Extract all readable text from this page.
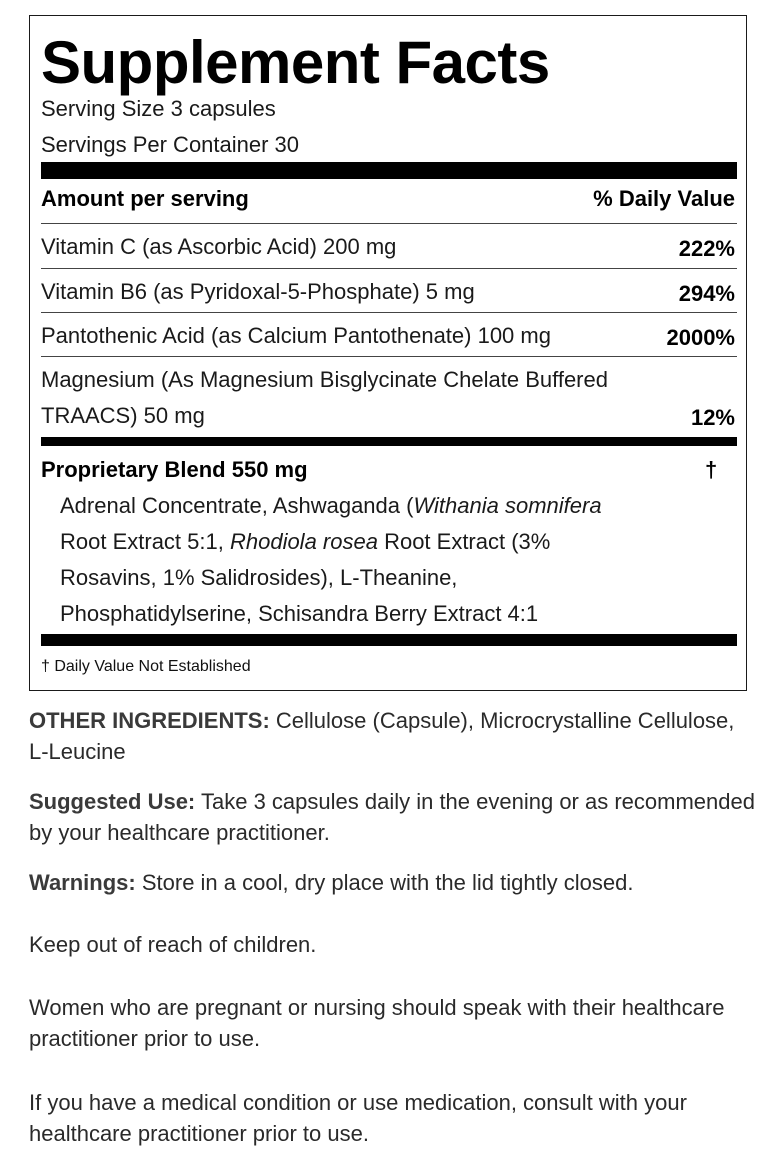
Supplement Facts
Serving Size 3 capsules
Servings Per Container 30
Amount per serving	% Daily Value
Vitamin C (as Ascorbic Acid) 200 mg	222%
Vitamin B6 (as Pyridoxal-5-Phosphate) 5 mg	294%
Pantothenic Acid (as Calcium Pantothenate) 100 mg	2000%
Magnesium (As Magnesium Bisglycinate Chelate Buffered
TRAACS) 50 mg	12%
Proprietary Blend 550 mg	†
Adrenal Concentrate, Ashwaganda (Withania somnifera
Root Extract 5:1, Rhodiola rosea Root Extract (3%
Rosavins, 1% Salidrosides), L-Theanine,
Phosphatidylserine, Schisandra Berry Extract 4:1
† Daily Value Not Established
OTHER INGREDIENTS: Cellulose (Capsule), Microcrystalline Cellulose, L-Leucine
Suggested Use: Take 3 capsules daily in the evening or as recommended by your healthcare practitioner.
Warnings: Store in a cool, dry place with the lid tightly closed.
Keep out of reach of children.
Women who are pregnant or nursing should speak with their healthcare practitioner prior to use.
If you have a medical condition or use medication, consult with your healthcare practitioner prior to use.
